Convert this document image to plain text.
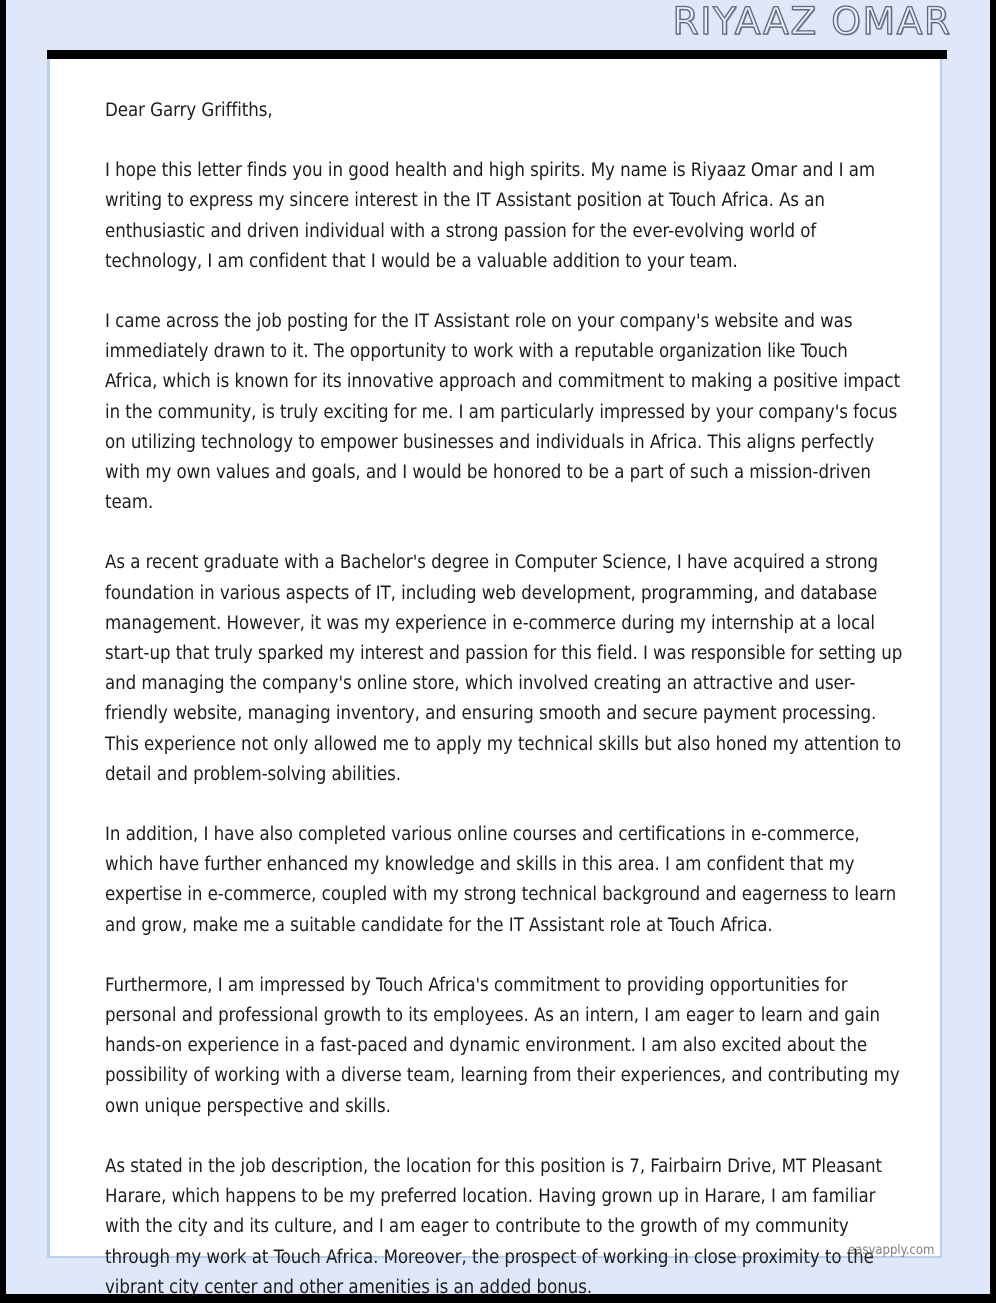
RIYAAZ OMAR

Dear Garry Griffiths,

I hope this letter finds you in good health and high spirits. My name is Riyaaz Omar and I am writing to express my sincere interest in the IT Assistant position at Touch Africa. As an enthusiastic and driven individual with a strong passion for the ever-evolving world of technology, I am confident that I would be a valuable addition to your team.

I came across the job posting for the IT Assistant role on your company's website and was immediately drawn to it. The opportunity to work with a reputable organization like Touch Africa, which is known for its innovative approach and commitment to making a positive impact in the community, is truly exciting for me. I am particularly impressed by your company's focus on utilizing technology to empower businesses and individuals in Africa. This aligns perfectly with my own values and goals, and I would be honored to be a part of such a mission-driven team.

As a recent graduate with a Bachelor's degree in Computer Science, I have acquired a strong foundation in various aspects of IT, including web development, programming, and database management. However, it was my experience in e-commerce during my internship at a local start-up that truly sparked my interest and passion for this field. I was responsible for setting up and managing the company's online store, which involved creating an attractive and user-friendly website, managing inventory, and ensuring smooth and secure payment processing. This experience not only allowed me to apply my technical skills but also honed my attention to detail and problem-solving abilities.

In addition, I have also completed various online courses and certifications in e-commerce, which have further enhanced my knowledge and skills in this area. I am confident that my expertise in e-commerce, coupled with my strong technical background and eagerness to learn and grow, make me a suitable candidate for the IT Assistant role at Touch Africa.

Furthermore, I am impressed by Touch Africa's commitment to providing opportunities for personal and professional growth to its employees. As an intern, I am eager to learn and gain hands-on experience in a fast-paced and dynamic environment. I am also excited about the possibility of working with a diverse team, learning from their experiences, and contributing my own unique perspective and skills.

As stated in the job description, the location for this position is 7, Fairbairn Drive, MT Pleasant Harare, which happens to be my preferred location. Having grown up in Harare, I am familiar with the city and its culture, and I am eager to contribute to the growth of my community through my work at Touch Africa. Moreover, the prospect of working in close proximity to the vibrant city center and other amenities is an added bonus.

easyapply.com
